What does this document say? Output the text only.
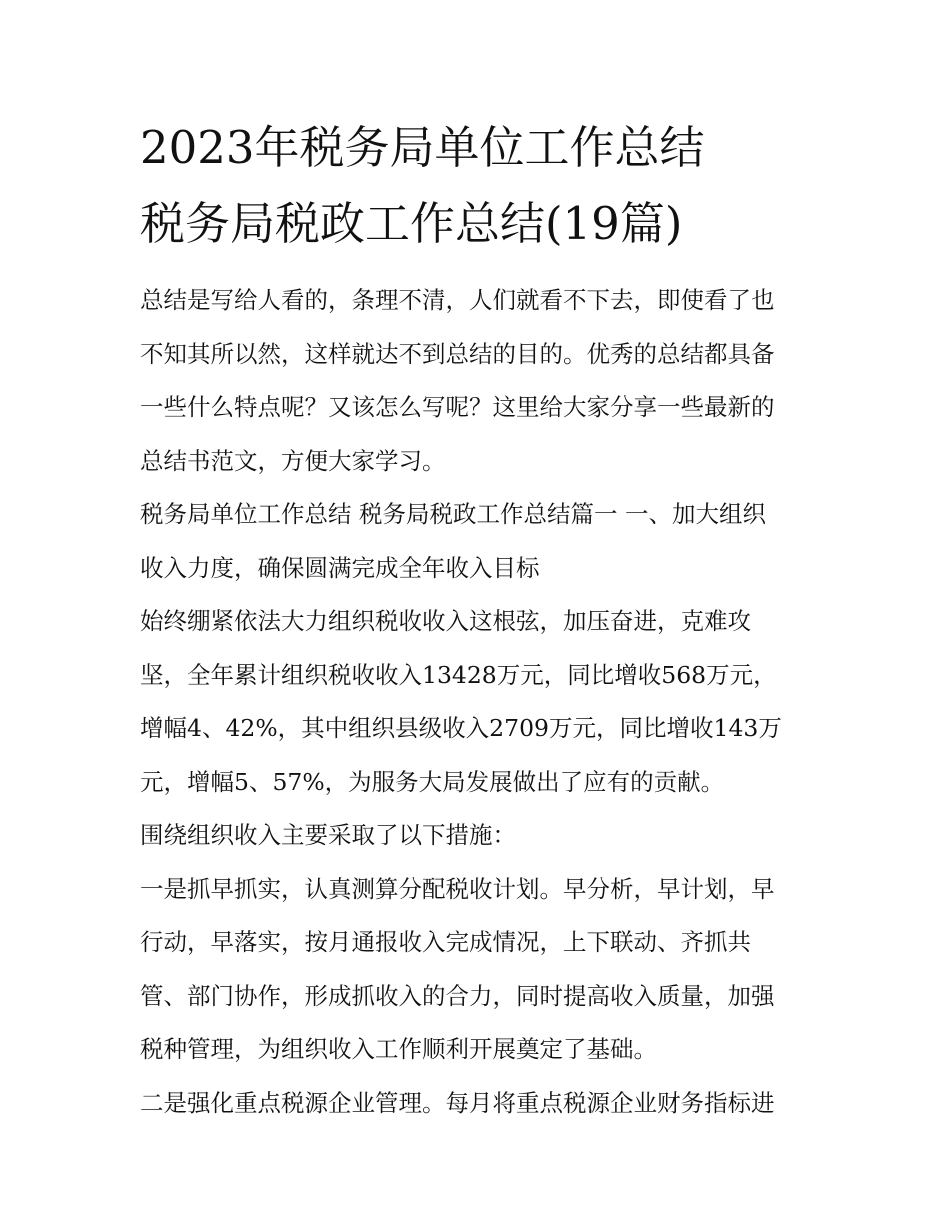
2023年税务局单位工作总结
税务局税政工作总结(19篇)
总结是写给人看的，条理不清，人们就看不下去，即使看了也
不知其所以然，这样就达不到总结的目的。优秀的总结都具备
一些什么特点呢？又该怎么写呢？这里给大家分享一些最新的
总结书范文，方便大家学习。
税务局单位工作总结 税务局税政工作总结篇一 一、加大组织
收入力度，确保圆满完成全年收入目标
始终绷紧依法大力组织税收收入这根弦，加压奋进，克难攻
坚，全年累计组织税收收入13428万元，同比增收568万元，
增幅4、42%，其中组织县级收入2709万元，同比增收143万
元，增幅5、57%，为服务大局发展做出了应有的贡献。
围绕组织收入主要采取了以下措施：
一是抓早抓实，认真测算分配税收计划。早分析，早计划，早
行动，早落实，按月通报收入完成情况，上下联动、齐抓共
管、部门协作，形成抓收入的合力，同时提高收入质量，加强
税种管理，为组织收入工作顺利开展奠定了基础。
二是强化重点税源企业管理。每月将重点税源企业财务指标进
